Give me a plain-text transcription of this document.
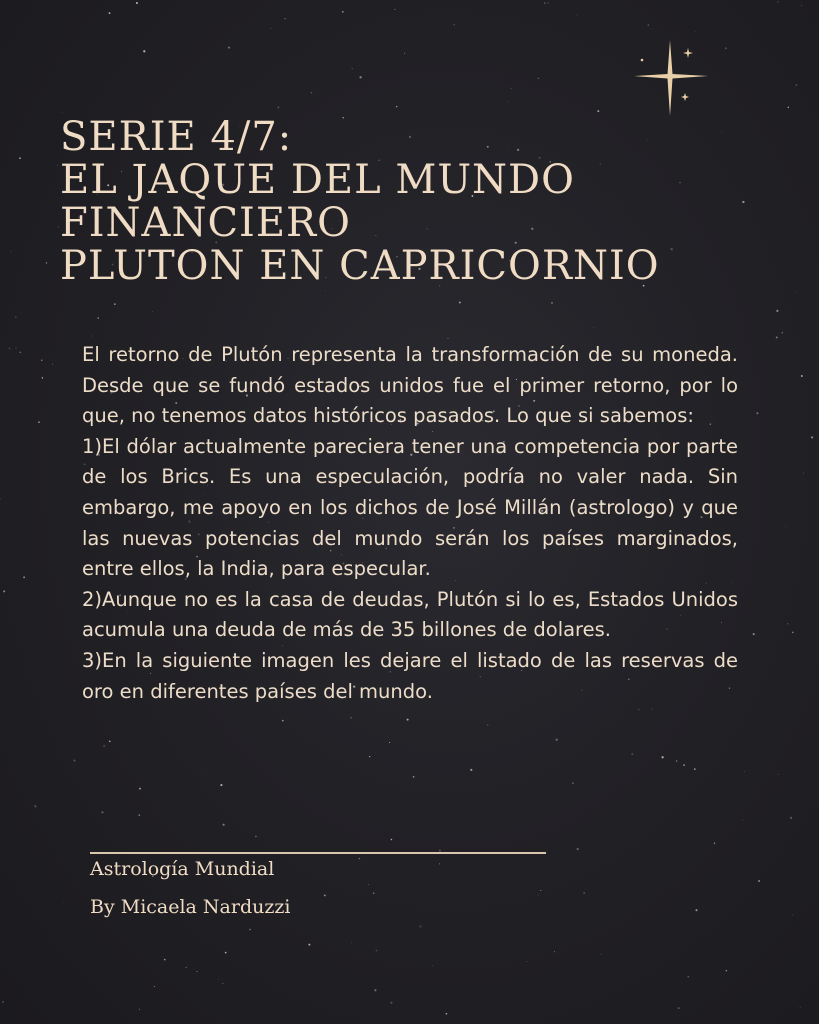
SERIE 4/7:
EL JAQUE DEL MUNDO
FINANCIERO
PLUTON EN CAPRICORNIO

El retorno de Plutón representa la transformación de su moneda. Desde que se fundó estados unidos fue el primer retorno, por lo que, no tenemos datos históricos pasados. Lo que si sabemos:

1)El dólar actualmente pareciera tener una competencia por parte de los Brics. Es una especulación, podría no valer nada. Sin embargo, me apoyo en los dichos de José Millán (astrologo) y que las nuevas potencias del mundo serán los países marginados, entre ellos, la India, para especular.

2)Aunque no es la casa de deudas, Plutón si lo es, Estados Unidos acumula una deuda de más de 35 billones de dolares.

3)En la siguiente imagen les dejare el listado de las reservas de oro en diferentes países del mundo.

Astrología Mundial
By Micaela Narduzzi
